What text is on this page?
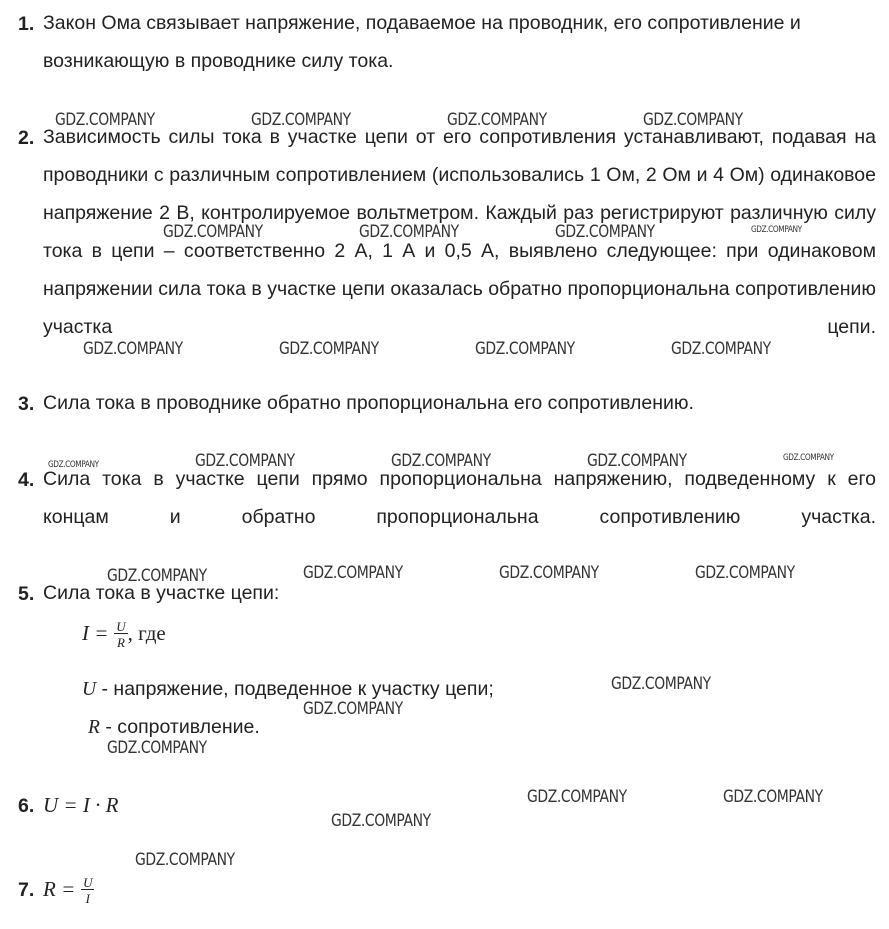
1. Закон Ома связывает напряжение, подаваемое на проводник, его сопротивление и возникающую в проводнике силу тока.
2. Зависимость силы тока в участке цепи от его сопротивления устанавливают, подавая на проводники с различным сопротивлением (использовались 1 Ом, 2 Ом и 4 Ом) одинаковое напряжение 2 В, контролируемое вольтметром. Каждый раз регистрируют различную силу тока в цепи – соответственно 2 А, 1 А и 0,5 А, выявлено следующее: при одинаковом напряжении сила тока в участке цепи оказалась обратно пропорциональна сопротивлению участка цепи.
3. Сила тока в проводнике обратно пропорциональна его сопротивлению.
4. Сила тока в участке цепи прямо пропорциональна напряжению, подведенному к его концам и обратно пропорциональна сопротивлению участка.
5. Сила тока в участке цепи:
$I = \frac{U}{R}$ , где
U - напряжение, подведенное к участку цепи;
R - сопротивление.
6. U = I · R
7. $R = \frac{U}{I}$
GDZ.COMPANY	GDZ.COMPANY	GDZ.COMPANY	GDZ.COMPANY
GDZ.COMPANY	GDZ.COMPANY	GDZ.COMPANY	GDZ.COMPANY
GDZ.COMPANY	GDZ.COMPANY	GDZ.COMPANY	GDZ.COMPANY
GDZ.COMPANY	GDZ.COMPANY	GDZ.COMPANY	GDZ.COMPANY	GDZ.COMPANY
GDZ.COMPANY	GDZ.COMPANY	GDZ.COMPANY	GDZ.COMPANY
GDZ.COMPANY
GDZ.COMPANY
GDZ.COMPANY
GDZ.COMPANY	GDZ.COMPANY
GDZ.COMPANY
GDZ.COMPANY
